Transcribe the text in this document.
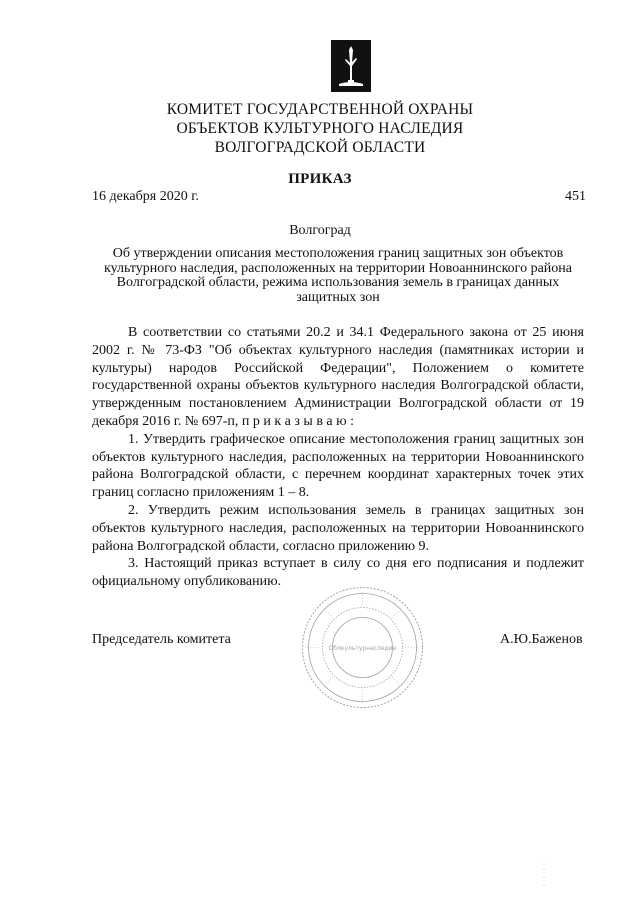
КОМИТЕТ ГОСУДАРСТВЕННОЙ ОХРАНЫ
ОБЪЕКТОВ КУЛЬТУРНОГО НАСЛЕДИЯ
ВОЛГОГРАДСКОЙ ОБЛАСТИ
ПРИКАЗ
16 декабря 2020 г.	451
Волгоград
Об утверждении описания местоположения границ защитных зон объектов культурного наследия, расположенных на территории Новоаннинского района Волгоградской области, режима использования земель в границах данных защитных зон

В соответствии со статьями 20.2 и 34.1 Федерального закона от 25 июня 2002 г. № 73-ФЗ "Об объектах культурного наследия (памятниках истории и культуры) народов Российской Федерации", Положением о комитете государственной охраны объектов культурного наследия Волгоградской области, утвержденным постановлением Администрации Волгоградской области от 19 декабря 2016 г. № 697-п, п р и к а з ы в а ю :

1. Утвердить графическое описание местоположения границ защитных зон объектов культурного наследия, расположенных на территории Новоаннинского района Волгоградской области, с перечнем координат характерных точек этих границ согласно приложениям 1 – 8.

2. Утвердить режим использования земель в границах защитных зон объектов культурного наследия, расположенных на территории Новоаннинского района Волгоградской области, согласно приложению 9.

3. Настоящий приказ вступает в силу со дня его подписания и подлежит официальному опубликованию.

Председатель комитета	А.Ю.Баженов
Облкультурнаследие
